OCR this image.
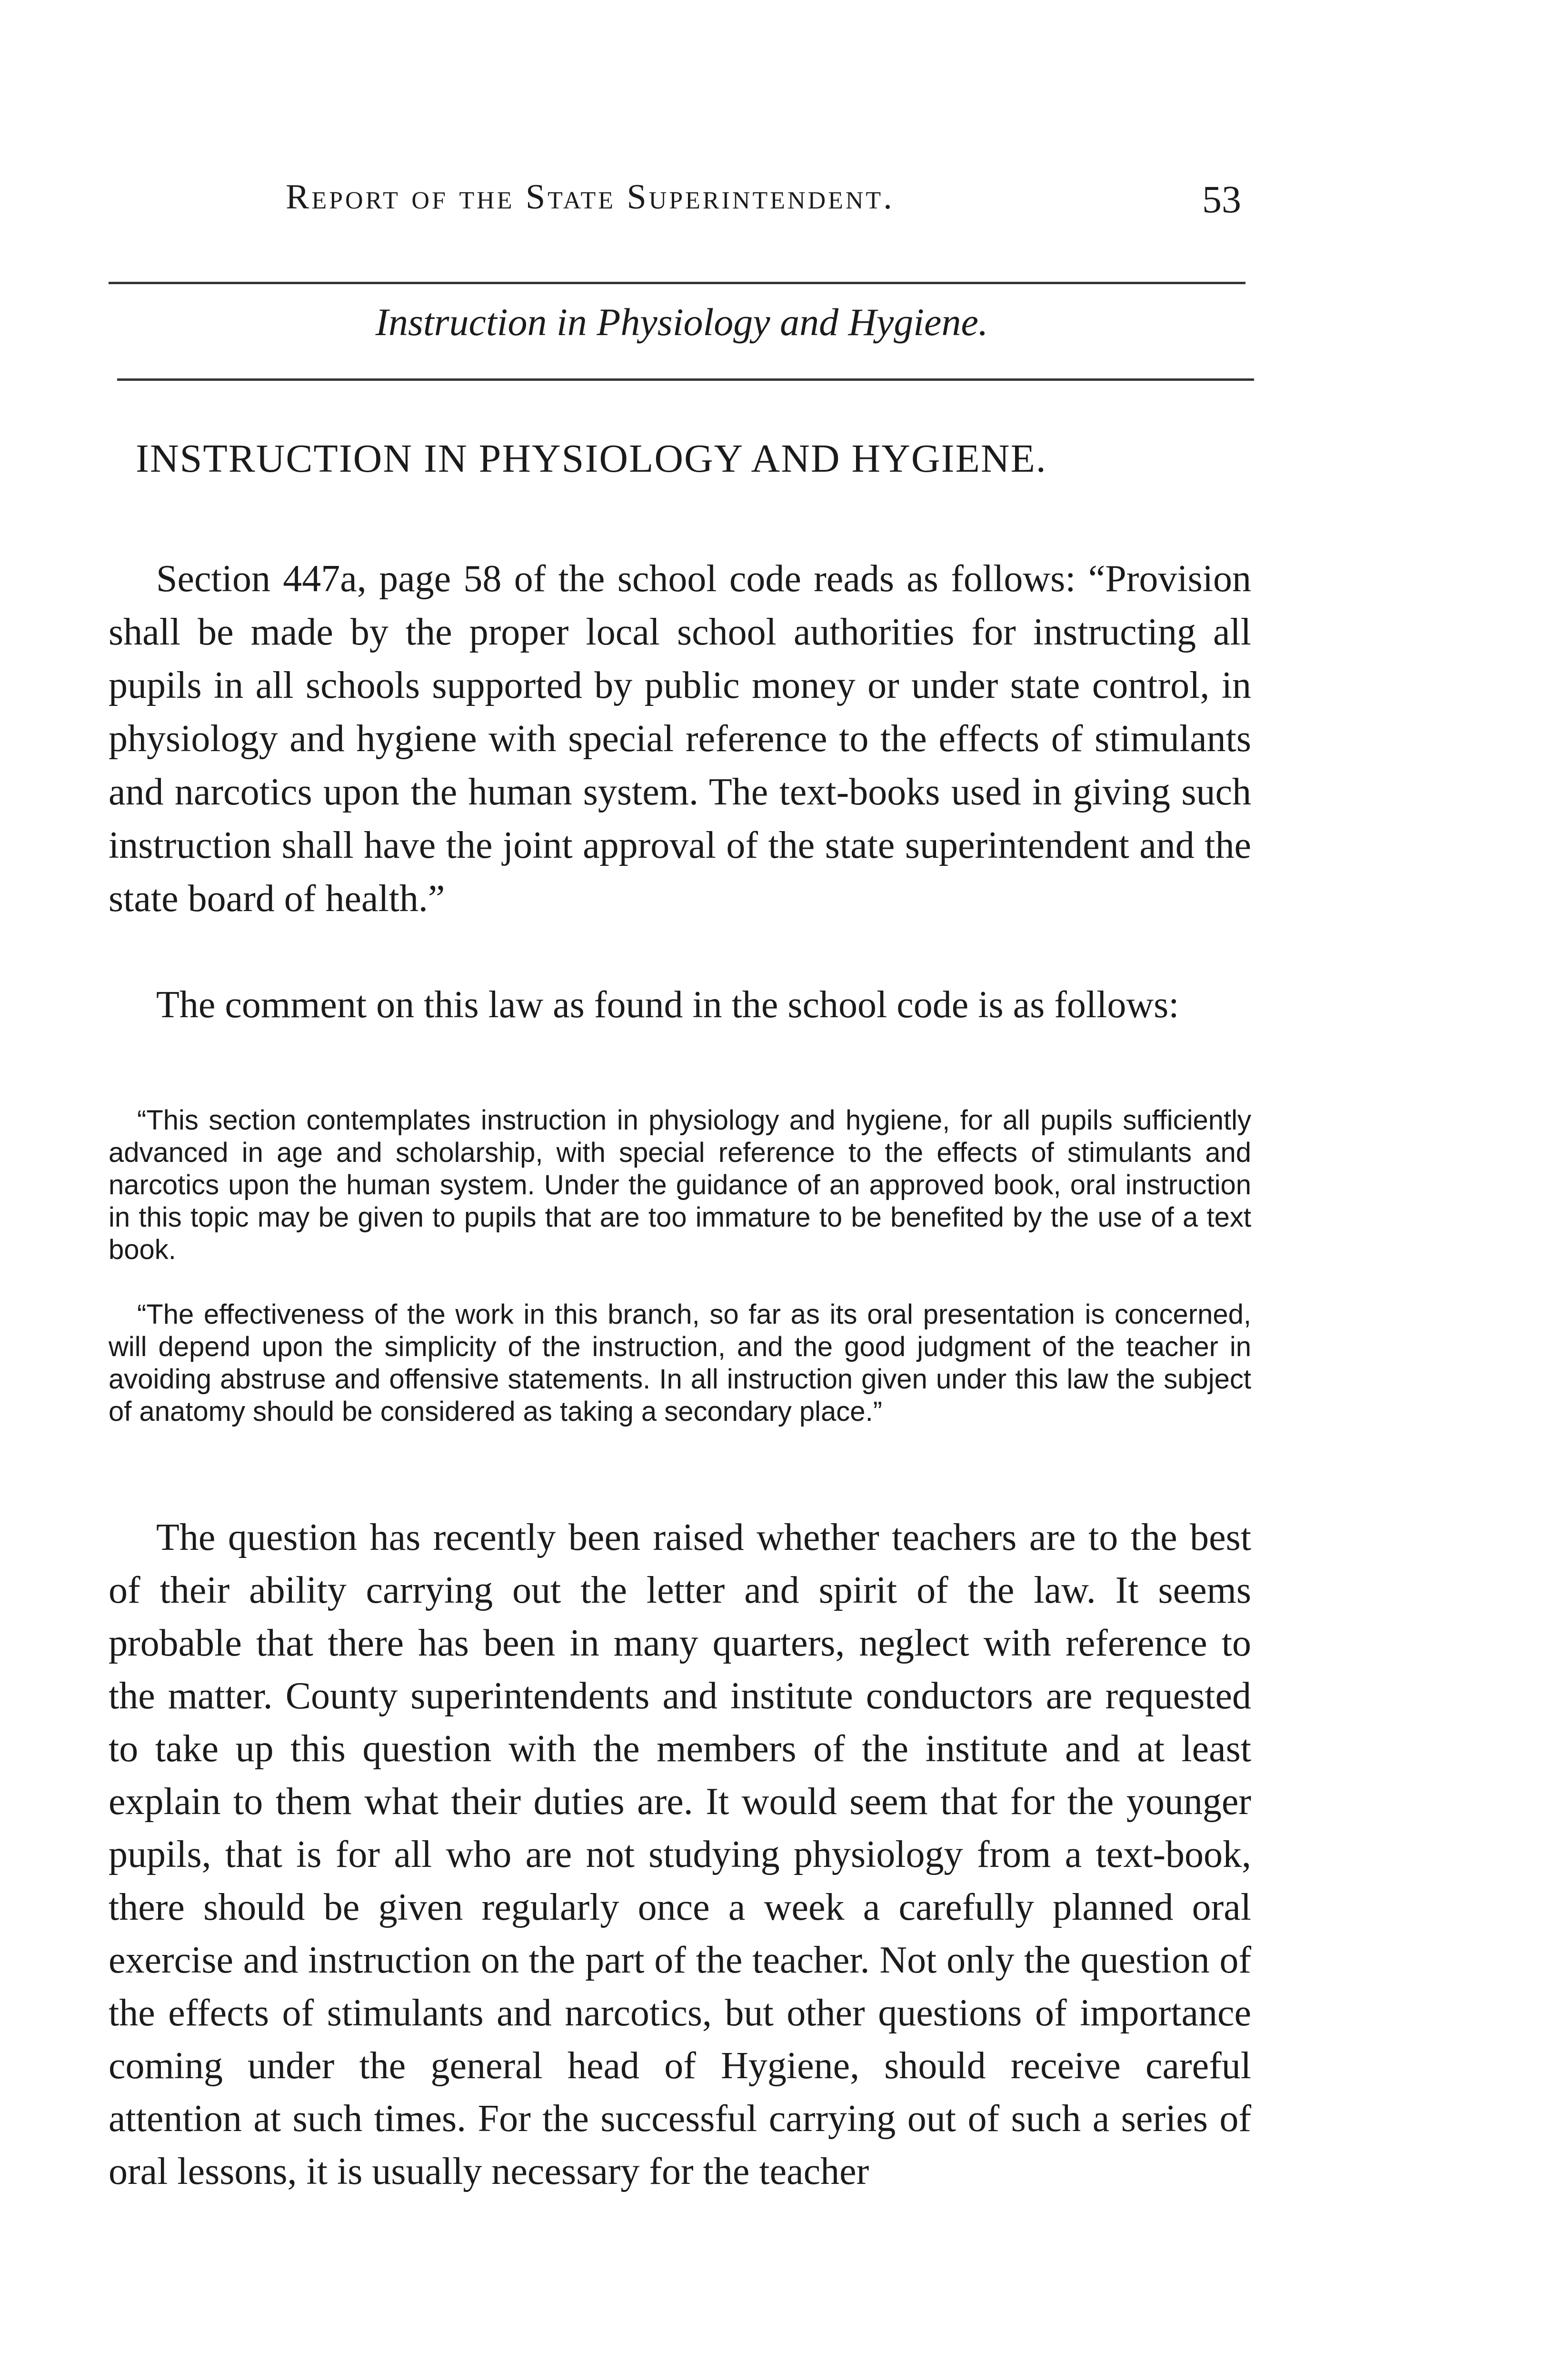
Report of the State Superintendent.	53
Instruction in Physiology and Hygiene.
INSTRUCTION IN PHYSIOLOGY AND HYGIENE.

Section 447a, page 58 of the school code reads as follows: “Provision shall be made by the proper local school authorities for instructing all pupils in all schools supported by public money or under state control, in physiology and hygiene with special reference to the effects of stimulants and narcotics upon the human system. The text-books used in giving such instruction shall have the joint approval of the state superintendent and the state board of health.”

The comment on this law as found in the school code is as follows:

“This section contemplates instruction in physiology and hygiene, for all pupils sufficiently advanced in age and scholarship, with special reference to the effects of stimulants and narcotics upon the human system. Under the guidance of an approved book, oral instruction in this topic may be given to pupils that are too immature to be benefited by the use of a text book.

“The effectiveness of the work in this branch, so far as its oral presentation is concerned, will depend upon the simplicity of the instruction, and the good judgment of the teacher in avoiding abstruse and offensive statements. In all instruction given under this law the subject of anatomy should be considered as taking a secondary place.”

The question has recently been raised whether teachers are to the best of their ability carrying out the letter and spirit of the law. It seems probable that there has been in many quarters, neglect with reference to the matter. County superintendents and institute conductors are requested to take up this question with the members of the institute and at least explain to them what their duties are. It would seem that for the younger pupils, that is for all who are not studying physiology from a text-book, there should be given regularly once a week a carefully planned oral exercise and instruction on the part of the teacher. Not only the question of the effects of stimulants and narcotics, but other questions of importance coming under the general head of Hygiene, should receive careful attention at such times. For the successful carrying out of such a series of oral lessons, it is usually necessary for the teacher
